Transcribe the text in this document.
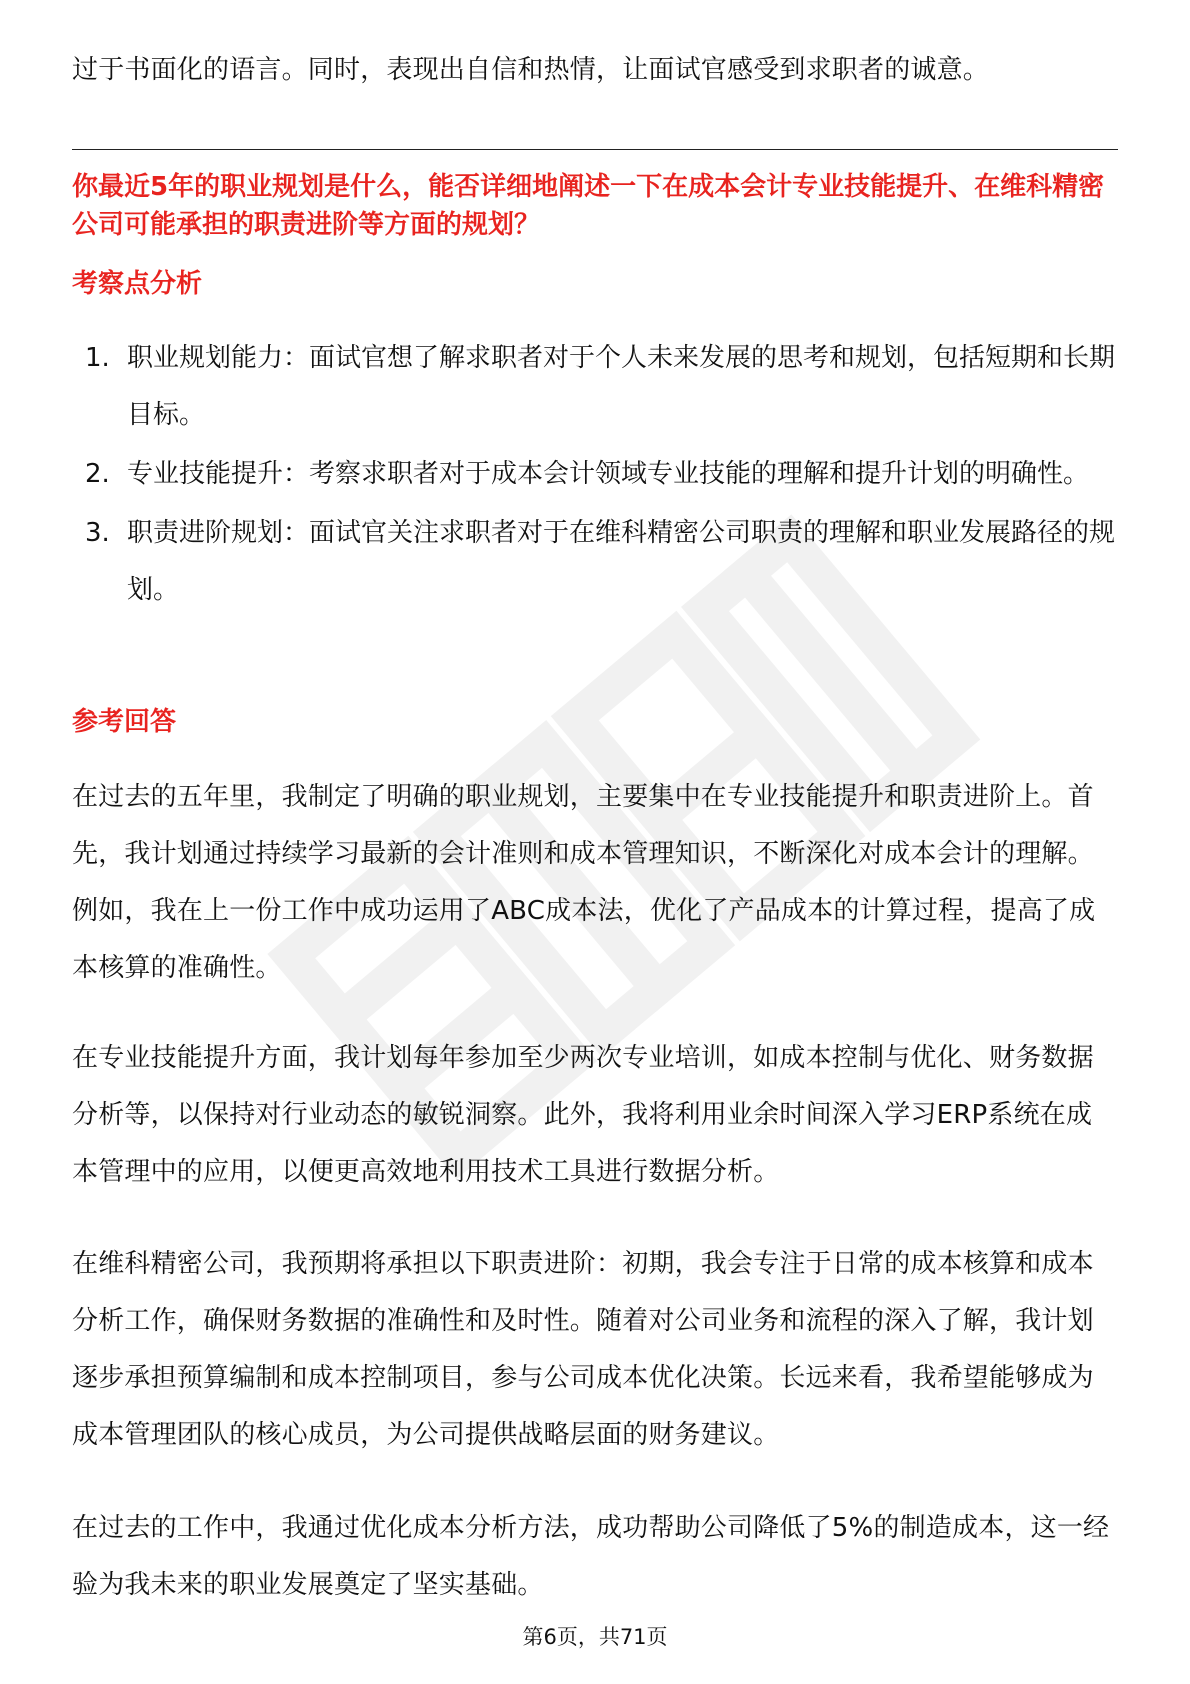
过于书面化的语言。同时，表现出自信和热情，让面试官感受到求职者的诚意。
你最近5年的职业规划是什么，能否详细地阐述一下在成本会计专业技能提升、在维科精密公司可能承担的职责进阶等方面的规划？
考察点分析
1. 职业规划能力：面试官想了解求职者对于个人未来发展的思考和规划，包括短期和长期目标。
2. 专业技能提升：考察求职者对于成本会计领域专业技能的理解和提升计划的明确性。
3. 职责进阶规划：面试官关注求职者对于在维科精密公司职责的理解和职业发展路径的规划。
参考回答
在过去的五年里，我制定了明确的职业规划，主要集中在专业技能提升和职责进阶上。首先，我计划通过持续学习最新的会计准则和成本管理知识，不断深化对成本会计的理解。例如，我在上一份工作中成功运用了ABC成本法，优化了产品成本的计算过程，提高了成本核算的准确性。
在专业技能提升方面，我计划每年参加至少两次专业培训，如成本控制与优化、财务数据分析等，以保持对行业动态的敏锐洞察。此外，我将利用业余时间深入学习ERP系统在成本管理中的应用，以便更高效地利用技术工具进行数据分析。
在维科精密公司，我预期将承担以下职责进阶：初期，我会专注于日常的成本核算和成本分析工作，确保财务数据的准确性和及时性。随着对公司业务和流程的深入了解，我计划逐步承担预算编制和成本控制项目，参与公司成本优化决策。长远来看，我希望能够成为成本管理团队的核心成员，为公司提供战略层面的财务建议。
在过去的工作中，我通过优化成本分析方法，成功帮助公司降低了5%的制造成本，这一经验为我未来的职业发展奠定了坚实基础。
第6页，共71页
